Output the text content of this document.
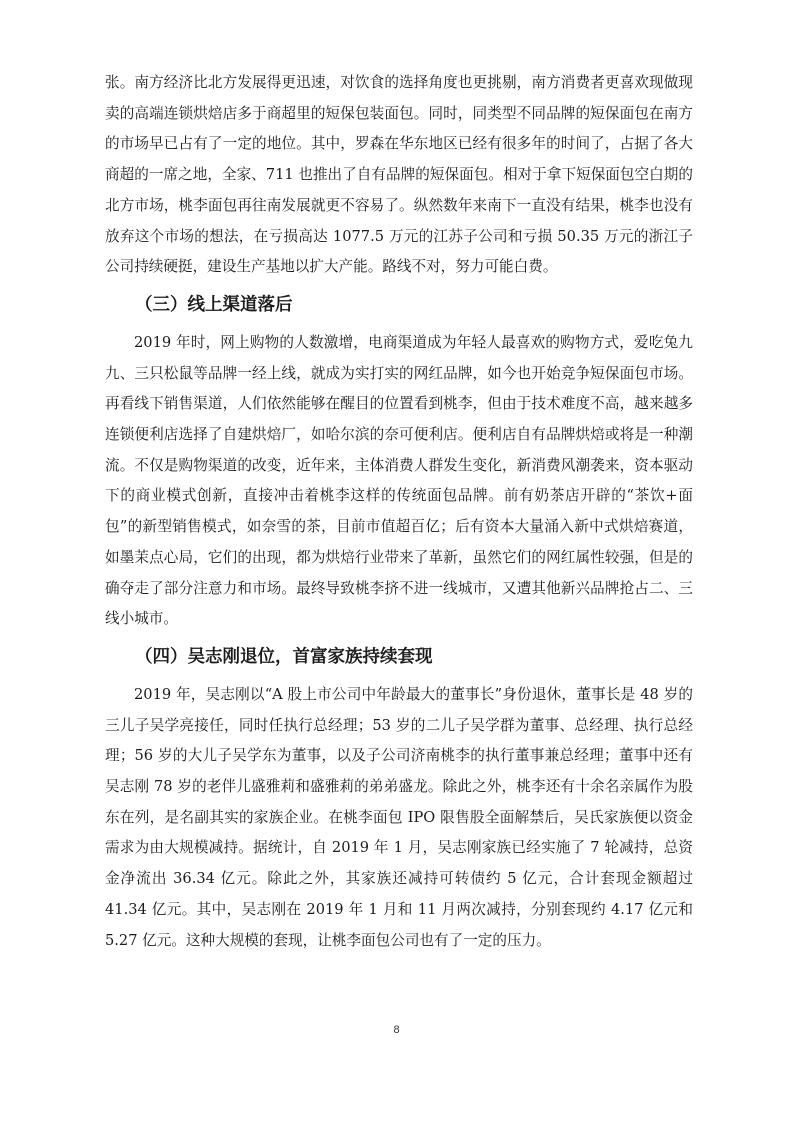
张。南方经济比北方发展得更迅速，对饮食的选择角度也更挑剔，南方消费者更喜欢现做现卖的高端连锁烘焙店多于商超里的短保包装面包。同时，同类型不同品牌的短保面包在南方的市场早已占有了一定的地位。其中，罗森在华东地区已经有很多年的时间了，占据了各大商超的一席之地，全家、711 也推出了自有品牌的短保面包。相对于拿下短保面包空白期的北方市场，桃李面包再往南发展就更不容易了。纵然数年来南下一直没有结果，桃李也没有放弃这个市场的想法，在亏损高达 1077.5 万元的江苏子公司和亏损 50.35 万元的浙江子公司持续硬挺，建设生产基地以扩大产能。路线不对，努力可能白费。

（三）线上渠道落后

2019 年时，网上购物的人数激增，电商渠道成为年轻人最喜欢的购物方式，爱吃兔九九、三只松鼠等品牌一经上线，就成为实打实的网红品牌，如今也开始竞争短保面包市场。再看线下销售渠道，人们依然能够在醒目的位置看到桃李，但由于技术难度不高，越来越多连锁便利店选择了自建烘焙厂，如哈尔滨的奈可便利店。便利店自有品牌烘焙或将是一种潮流。不仅是购物渠道的改变，近年来，主体消费人群发生变化，新消费风潮袭来，资本驱动下的商业模式创新，直接冲击着桃李这样的传统面包品牌。前有奶茶店开辟的“茶饮+面包”的新型销售模式，如奈雪的茶，目前市值超百亿；后有资本大量涌入新中式烘焙赛道，如墨茉点心局，它们的出现，都为烘焙行业带来了革新，虽然它们的网红属性较强，但是的确夺走了部分注意力和市场。最终导致桃李挤不进一线城市，又遭其他新兴品牌抢占二、三线小城市。

（四）吴志刚退位，首富家族持续套现

2019 年，吴志刚以“A 股上市公司中年龄最大的董事长”身份退休，董事长是 48 岁的三儿子吴学亮接任，同时任执行总经理；53 岁的二儿子吴学群为董事、总经理、执行总经理；56 岁的大儿子吴学东为董事，以及子公司济南桃李的执行董事兼总经理；董事中还有吴志刚 78 岁的老伴儿盛雅莉和盛雅莉的弟弟盛龙。除此之外，桃李还有十余名亲属作为股东在列，是名副其实的家族企业。在桃李面包 IPO 限售股全面解禁后，吴氏家族便以资金需求为由大规模减持。据统计，自 2019 年 1 月，吴志刚家族已经实施了 7 轮减持，总资金净流出 36.34 亿元。除此之外，其家族还减持可转债约 5 亿元，合计套现金额超过 41.34 亿元。其中，吴志刚在 2019 年 1 月和 11 月两次减持，分别套现约 4.17 亿元和 5.27 亿元。这种大规模的套现，让桃李面包公司也有了一定的压力。

8
